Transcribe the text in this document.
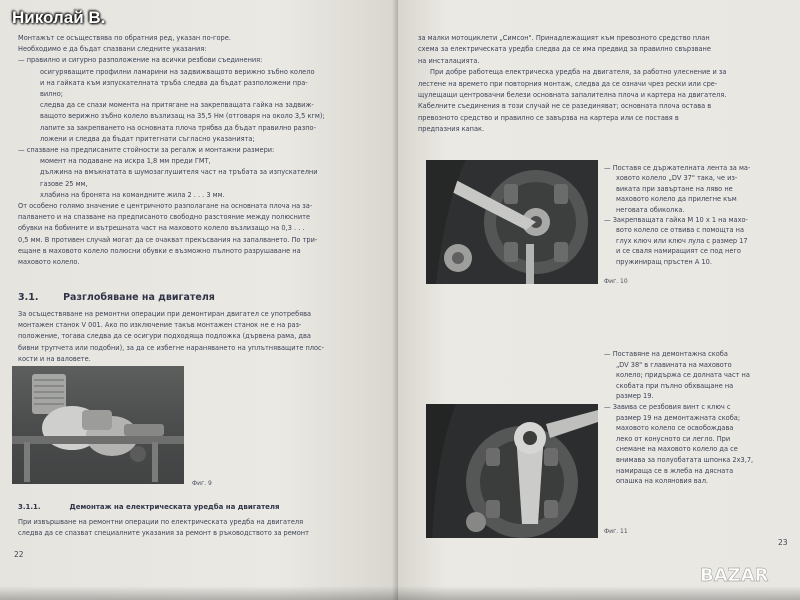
Монтажът се осъществява по обратния ред, указан по-горе.
Необходимо е да бъдат спазвани следните указания:
— правилно и сигурно разположение на всички резбови съединения:
осигуряващите профилни ламарини на задвижващото верижно зъбно колело
и на гайката към изпускателната тръба следва да бъдат разположени пра-
вилно;
следва да се спази момента на притягане на закрепващата гайка на задвиж-
ващото верижно зъбно колело възлизащ на 35,5 Нм (отговаря на около 3,5 кгм);
лапите за закрепването на основната плоча трябва да бъдат правилно разпо-
ложени и следва да бъдат притегнати съгласно указанията;
— спазване на предписаните стойности за регалж и монтажни размери:
момент на подаване на искра 1,8 мм преди ГМТ,
дължина на вмъкнатата в шумозаглушителя част на тръбата за изпускателни
газове 25 мм,
хлабина на бронята на командните жила 2 . . . 3 мм.
От особено голямо значение е центричното разполагане на основната плоча на за-
палването и на спазване на предписаното свободно разстояние между полюсните
обувки на бобините и вътрешната част на маховото колело възлизащо на 0,3 . . .
0,5 мм. В противен случай могат да се очакват прекъсвания на запалването. По три-
ещане в маховото колело полюсни обувки е възможно пълното разрушаване на
маховото колело.
3.1.	Разглобяване на двигателя
За осъществяване на ремонтни операции при демонтиран двигател се употребява
монтажен станок V 001. Ако по изключение такъв монтажен станок не е на раз-
положение, тогава следва да се осигури подходяща подложка (дървена рама, два
бивни трупчета или подобни), за да се избегне нараняването на уплътняващите плос-
кости и на валовете.
Фиг. 9
3.1.1.	Демонтаж на електрическата уредба на двигателя
При извършване на ремонтни операции по електрическата уредба на двигателя
следва да се спазват специалните указания за ремонт в ръководството за ремонт
22
за малки мотоциклети „Симсон". Принадлежащият към превозното средство план
схема за електрическата уредба следва да се има предвид за правилно свързване
на инсталацията.
При добре работеща електрическа уредба на двигателя, за работно улеснение и за
лестене на времето при повторния монтаж, следва да се означи чрез рески или сре-
щулещащи центровачни белези основната запалителна плоча и картера на двигателя.
Кабелните съединения в този случай не се разединяват; основната плоча остава в
превозното средство и правилно се завързва на картера или се поставя в
предпазния капак.
Фиг. 10
— Поставя се държателната лента за ма-
ховото колело „DV 37" така, че из-
виката при завъртане на ляво не
маховото колело да прилегне към
неговата обиколка.
— Закрепващата гайка M 10 x 1 на махо-
вото колело се отвива с помощта на
глух ключ или ключ лула с размер 17
и се сваля намиращият се под него
пружиниращ пръстен A 10.
Фиг. 11
— Поставяне на демонтажна скоба
„DV 38" в главината на маховото
колело; придържа се долната част на
скобата при пълно обхващане на
размер 19.
— Завива се резбовия винт с ключ с
размер 19 на демонтажната скоба;
маховото колело се освобождава
леко от конусното си легло. При
снемане на маховото колело да се
внимава за полуобатата шпонка 2x3,7,
намираща се в жлеба на дясната
опашка на коляновия вал.
23
Николай В.
BAZAR
